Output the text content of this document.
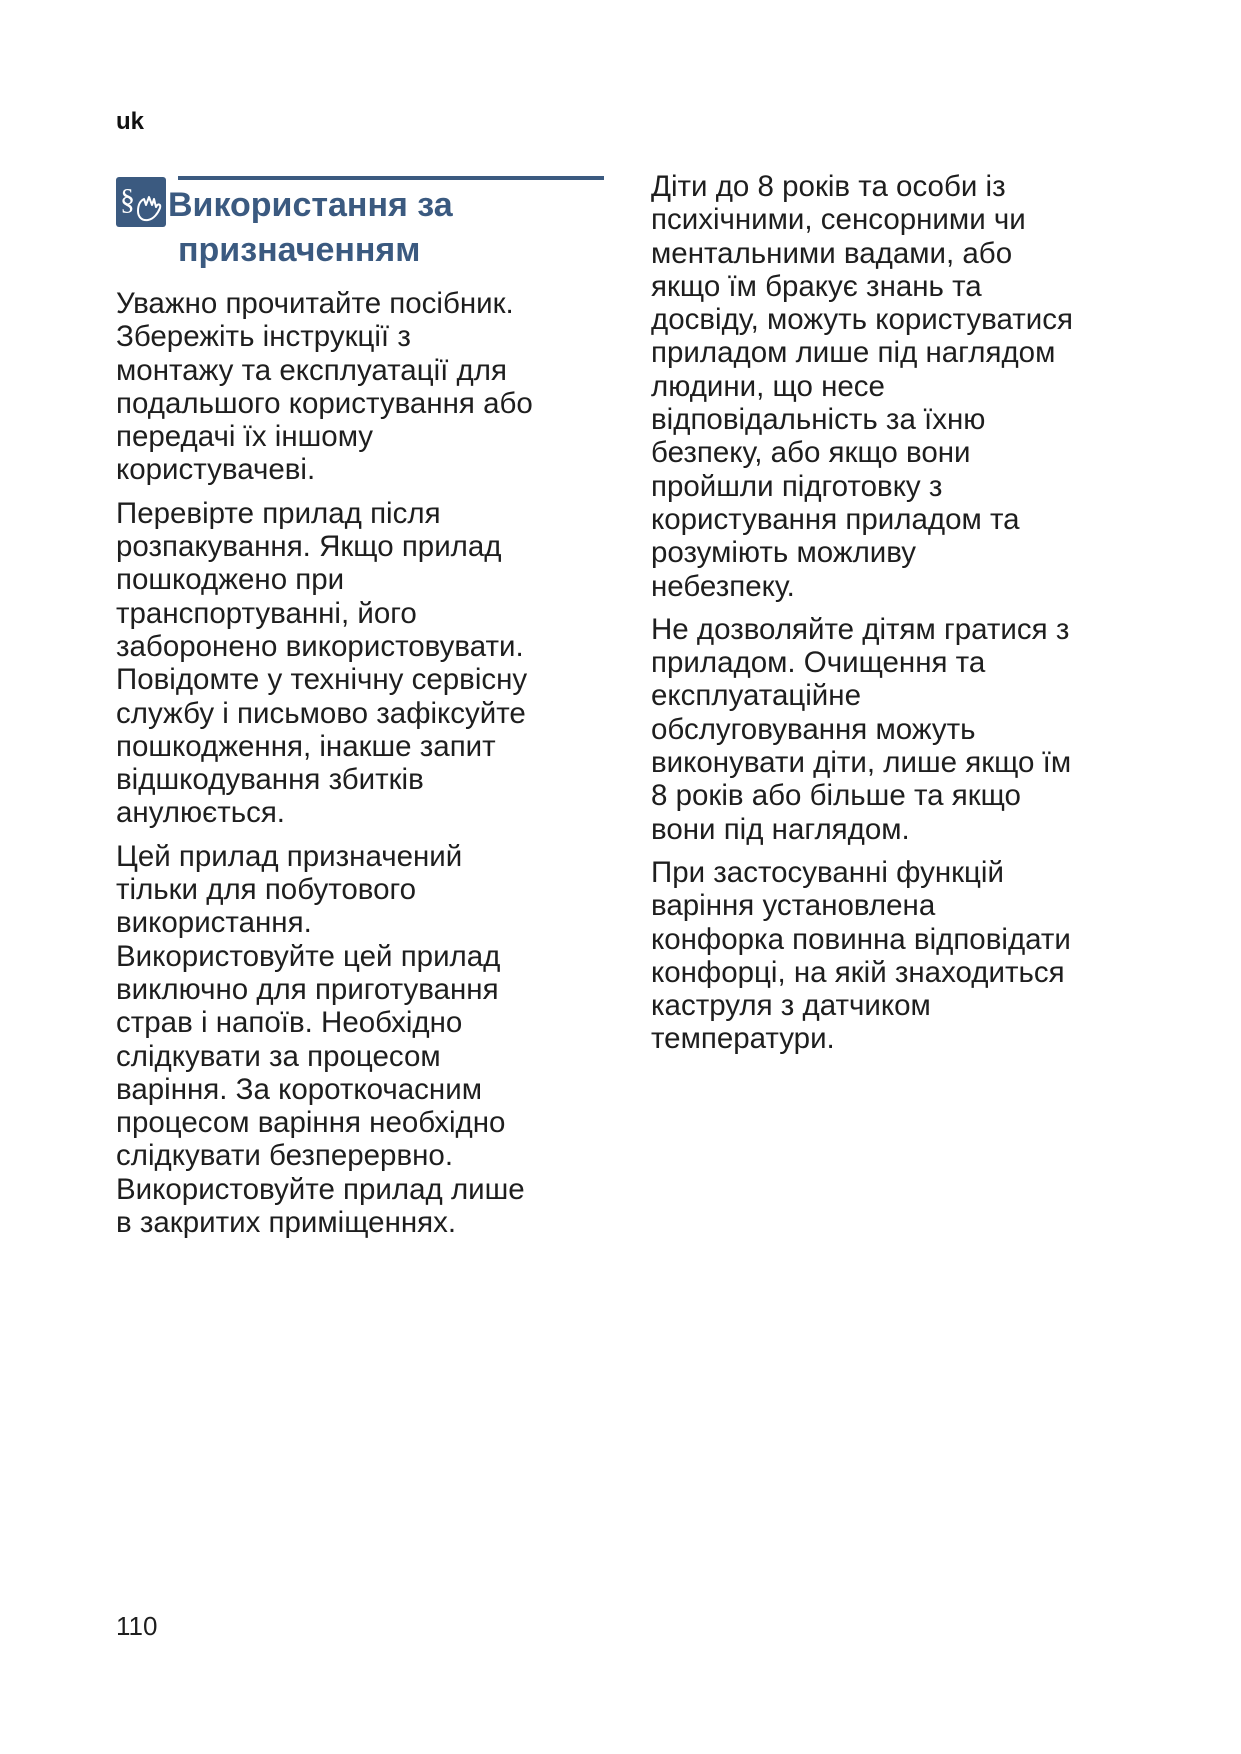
uk
§ Використання за
призначенням

Уважно прочитайте посібник.
Збережіть інструкції з
монтажу та експлуатації для
подальшого користування або
передачі їх іншому
користувачеві.

Перевірте прилад після
розпакування. Якщо прилад
пошкоджено при
транспортуванні, його
заборонено використовувати.
Повідомте у технічну сервісну
службу і письмово зафіксуйте
пошкодження, інакше запит
відшкодування збитків
анулюється.

Цей прилад призначений
тільки для побутового
використання.
Використовуйте цей прилад
виключно для приготування
страв і напоїв. Необхідно
слідкувати за процесом
варіння. За короткочасним
процесом варіння необхідно
слідкувати безперервно.
Використовуйте прилад лише
в закритих приміщеннях.

Діти до 8 років та особи із
психічними, сенсорними чи
ментальними вадами, або
якщо їм бракує знань та
досвіду, можуть користуватися
приладом лише під наглядом
людини, що несе
відповідальність за їхню
безпеку, або якщо вони
пройшли підготовку з
користування приладом та
розуміють можливу
небезпеку.

Не дозволяйте дітям гратися з
приладом. Очищення та
експлуатаційне
обслуговування можуть
виконувати діти, лише якщо їм
8 років або більше та якщо
вони під наглядом.

При застосуванні функцій
варіння установлена
конфорка повинна відповідати
конфорці, на якій знаходиться
каструля з датчиком
температури.

110
